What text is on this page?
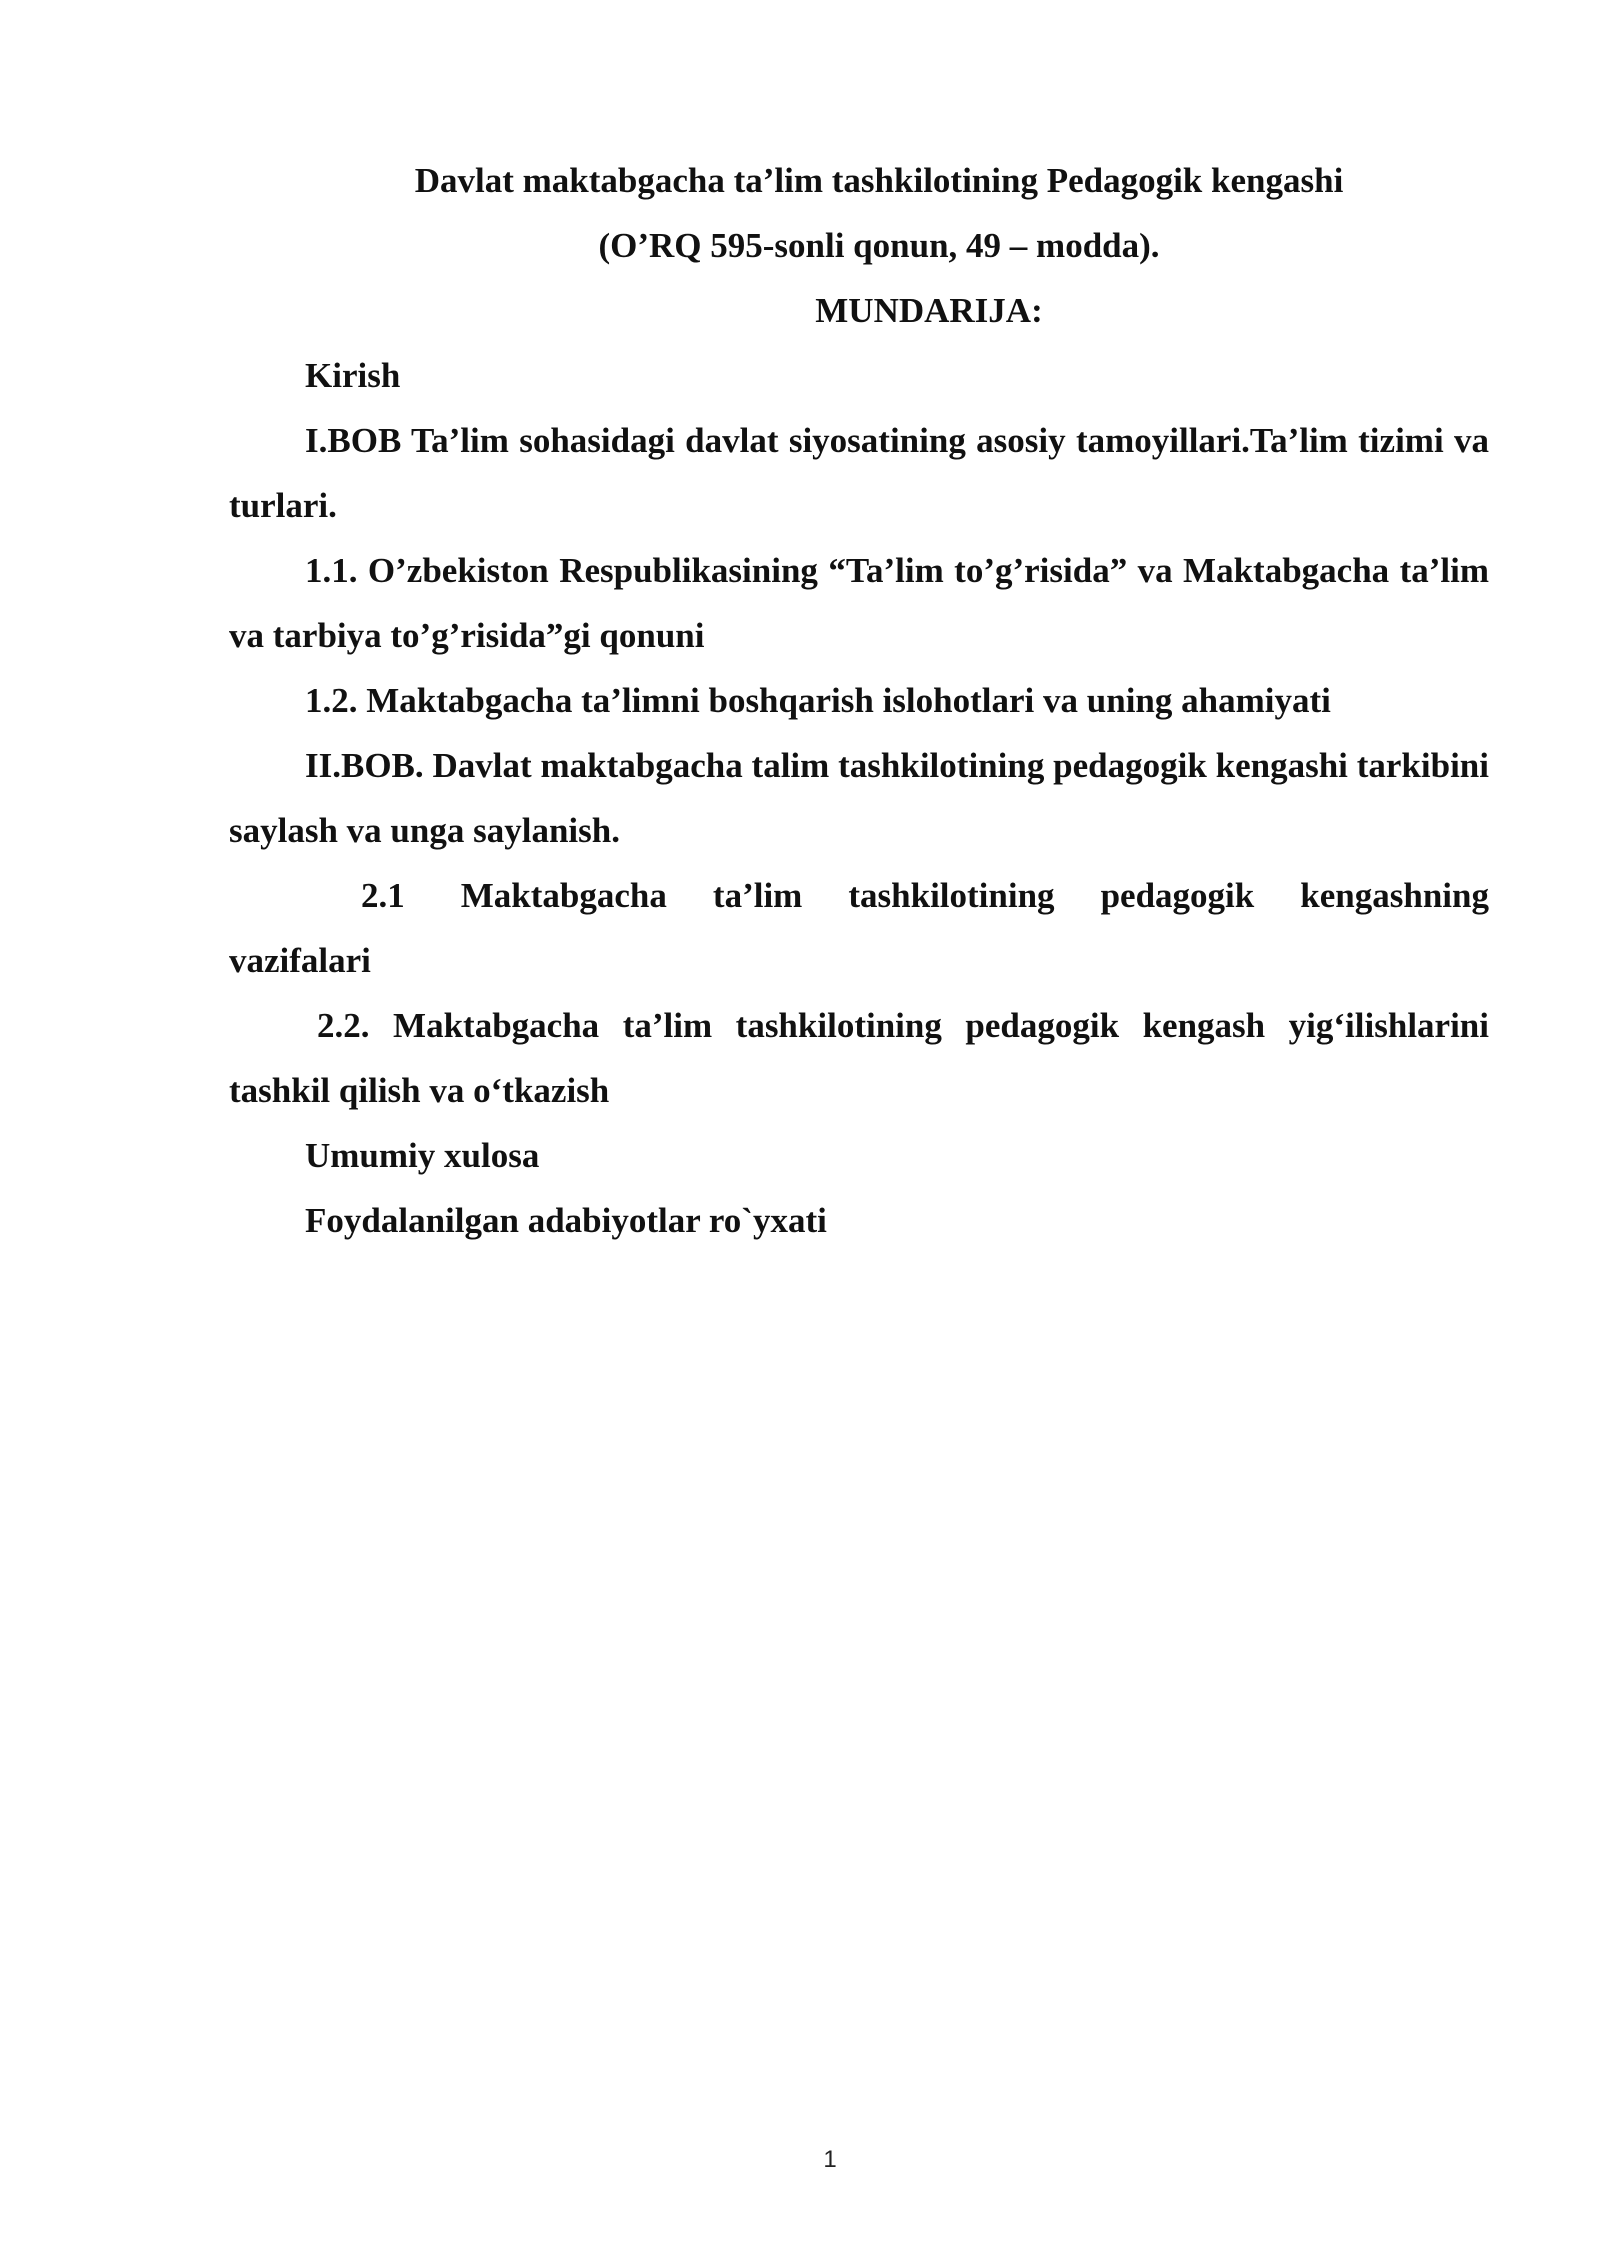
Davlat maktabgacha ta’lim tashkilotining Pedagogik kengashi

(O’RQ 595-sonli qonun, 49 – modda).

MUNDARIJA:

Kirish
I.BOB Ta’lim sohasidagi davlat siyosatining asosiy tamoyillari.Ta’lim tizimi va turlari.
1.1. O’zbekiston Respublikasining “Ta’lim to’g’risida” va Maktabgacha ta’lim va tarbiya to’g’risida”gi qonuni
1.2. Maktabgacha ta’limni boshqarish islohotlari va uning ahamiyati
II.BOB. Davlat maktabgacha talim tashkilotining pedagogik kengashi tarkibini saylash va unga saylanish.
2.1 Maktabgacha ta’lim tashkilotining pedagogik kengashning vazifalari
2.2. Maktabgacha ta’lim tashkilotining pedagogik kengash yig‘ilishlarini tashkil qilish va o‘tkazish
Umumiy xulosa
Foydalanilgan adabiyotlar ro`yxati
1
